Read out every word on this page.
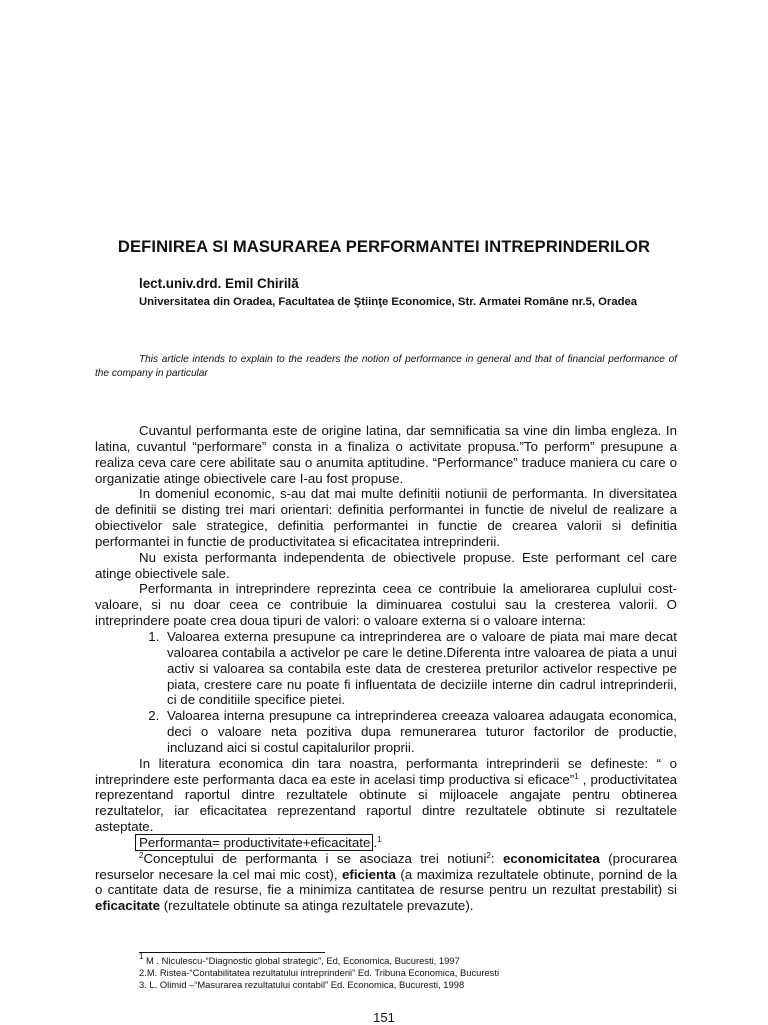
DEFINIREA SI MASURAREA PERFORMANTEI INTREPRINDERILOR
lect.univ.drd. Emil Chirilă
Universitatea din Oradea, Facultatea de Ştiinţe Economice, Str. Armatei Române nr.5, Oradea
This article intends to explain to the readers the notion of performance in general and that of financial performance of the company in particular

Cuvantul performanta este de origine latina, dar semnificatia sa vine din limba engleza. In latina, cuvantul “performare” consta in a finaliza o activitate propusa.”To perform” presupune a realiza ceva care cere abilitate sau o anumita aptitudine. “Performance” traduce maniera cu care o organizatie atinge obiectivele care I-au fost propuse.

In domeniul economic, s-au dat mai multe definitii notiunii de performanta. In diversitatea de definitii se disting trei mari orientari: definitia performantei in functie de nivelul de realizare a obiectivelor sale strategice, definitia performantei in functie de crearea valorii si definitia performantei in functie de productivitatea si eficacitatea intreprinderii.

Nu exista performanta independenta de obiectivele propuse. Este performant cel care atinge obiectivele sale.

Performanta in intreprindere reprezinta ceea ce contribuie la ameliorarea cuplului cost-valoare, si nu doar ceea ce contribuie la diminuarea costului sau la cresterea valorii. O intreprindere poate crea doua tipuri de valori: o valoare externa si o valoare interna:

1. Valoarea externa presupune ca intreprinderea are o valoare de piata mai mare decat valoarea contabila a activelor pe care le detine.Diferenta intre valoarea de piata a unui activ si valoarea sa contabila este data de cresterea preturilor activelor respective pe piata, crestere care nu poate fi influentata de deciziile interne din cadrul intreprinderii, ci de conditiile specifice pietei.
2. Valoarea interna presupune ca intreprinderea creeaza valoarea adaugata economica, deci o valoare neta pozitiva dupa remunerarea tuturor factorilor de productie, incluzand aici si costul capitalurilor proprii.

In literatura economica din tara noastra, performanta intreprinderii se defineste: “ o intreprindere este performanta daca ea este in acelasi timp productiva si eficace”$^1$ , productivitatea reprezentand raportul dintre rezultatele obtinute si mijloacele angajate pentru obtinerea rezultatelor, iar eficacitatea reprezentand raportul dintre rezultatele obtinute si rezultatele asteptate.

Performanta= productivitate+eficacitate .$^1$

$^2$Conceptului de performanta i se asociaza trei notiuni$^2$: economicitatea (procurarea resurselor necesare la cel mai mic cost), eficienta (a maximiza rezultatele obtinute, pornind de la o cantitate data de resurse, fie a minimiza cantitatea de resurse pentru un rezultat prestabilit) si eficacitate (rezultatele obtinute sa atinga rezultatele prevazute).

$^1$ M . Niculescu-“Diagnostic global strategic”, Ed, Economica, Bucuresti, 1997
2.M. Ristea-“Contabilitatea rezultatului intreprinderii” Ed. Tribuna Economica, Bucuresti
3. L. Olimid –“Masurarea rezultatului contabil” Ed. Economica, Bucuresti, 1998
151
